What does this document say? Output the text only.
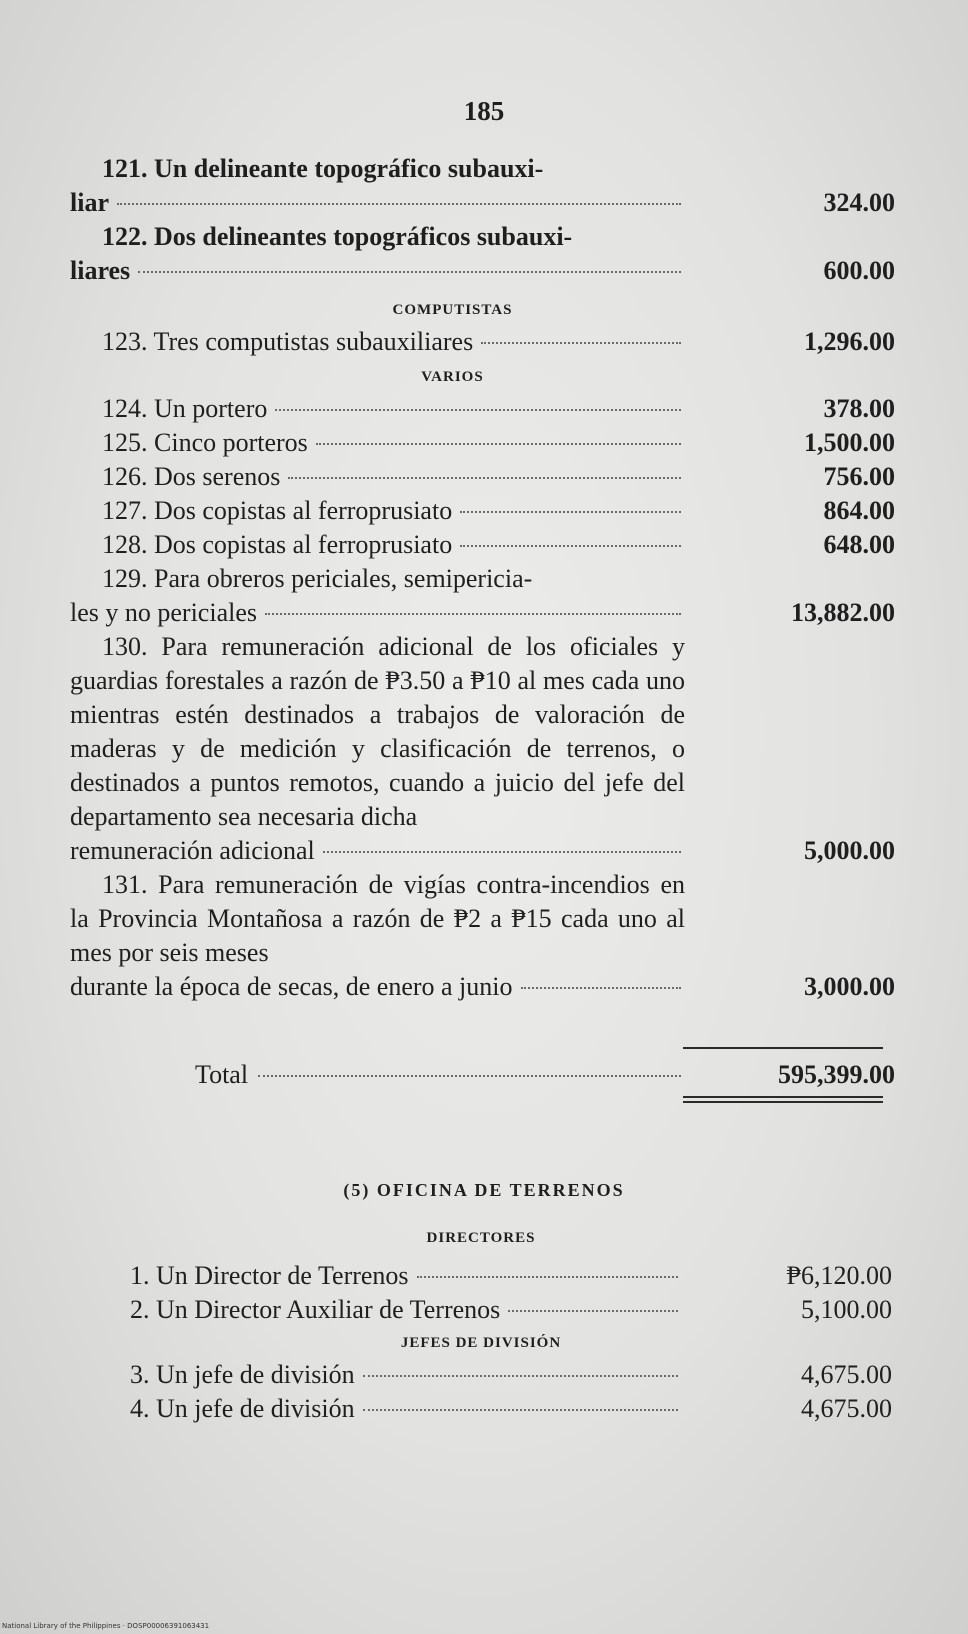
185
121. Un delineante topográfico subauxi-
liar	324.00
122. Dos delineantes topográficos subauxi-
liares	600.00
COMPUTISTAS
123. Tres computistas subauxiliares	1,296.00
VARIOS
124. Un portero	378.00
125. Cinco porteros	1,500.00
126. Dos serenos	756.00
127. Dos copistas al ferroprusiato	864.00
128. Dos copistas al ferroprusiato	648.00
129. Para obreros periciales, semipericia-
les y no periciales	13,882.00
130. Para remuneración adicional de los oficiales y guardias forestales a razón de ₱3.50 a ₱10 al mes cada uno mientras estén destinados a trabajos de valoración de maderas y de medición y clasificación de terrenos, o destinados a puntos remotos, cuando a juicio del jefe del departamento sea necesaria dicha
remuneración adicional	5,000.00
131. Para remuneración de vigías contra-incendios en la Provincia Montañosa a razón de ₱2 a ₱15 cada uno al mes por seis meses
durante la época de secas, de enero a junio	3,000.00
Total	595,399.00
(5) OFICINA DE TERRENOS
DIRECTORES
1. Un Director de Terrenos	₱6,120.00
2. Un Director Auxiliar de Terrenos	5,100.00
JEFES DE DIVISIÓN
3. Un jefe de división	4,675.00
4. Un jefe de división	4,675.00
National Library of the Philippines · DOSP00006391063431
